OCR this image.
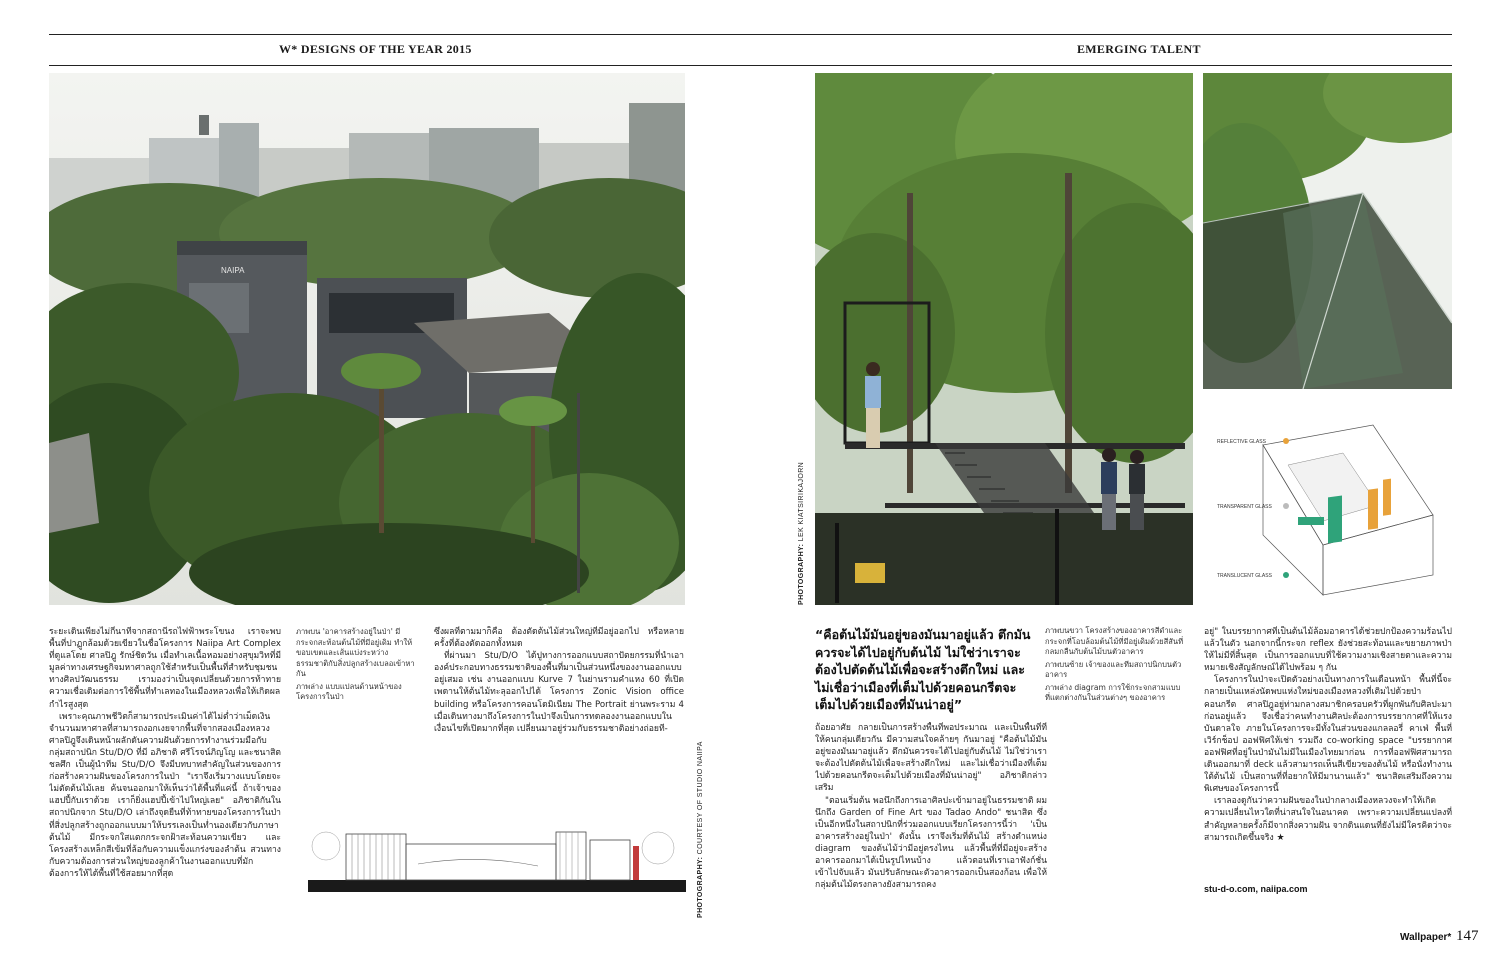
W* DESIGNS OF THE YEAR 2015	EMERGING TALENT
NAIPA

ระยะเดินเพียงไม่กี่นาทีจากสถานีรถไฟฟ้าพระโขนง เราจะพบพื้นที่ปาฏูกล้อมด้วยเขียวในชื่อโครงการ Naiipa Art Complex ที่ดูแลโดย ศาลปิฎู รักษ์ชิดวัน เมื่อทำเลเนื้อหอมอย่างสุขุมวิทที่มีมูลค่าทางเศรษฐกิจมหาศาลถูกใช้สำหรับเป็นพื้นที่สำหรับชุมชนทางศิลปวัฒนธรรม เรามองว่าเป็นจุดเปลี่ยนด้วยการท้าทายความเชื่อเดิมต่อการใช้พื้นที่ทำเลทองในเมืองหลวงเพื่อให้เกิดผลกำไรสูงสุด

เพราะคุณภาพชีวิตก็สามารถประเมินค่าได้ไม่ต่ำว่าเม็ดเงินจำนวนมหาศาลที่สามารถงอกเงยจากพื้นที่จากสองเมืองหลวง ศาลปิฎูจึงเดินหน้าผลักดันความฝันด้วยการทำงานร่วมมือกับกลุ่มสถาปนิก Stu/D/O ที่มี อภิชาติ ศรีโรจน์ภิญโญ และชนาสิต ชลศึก เป็นผู้นำทีม Stu/D/O จึงมีบทบาทสำคัญในส่วนของการก่อสร้างความฝันของโครงการในป่า "เราจึงเริ่มวางแบบโดยจะไม่ตัดต้นไม้เลย ค้นจนออกมาให้เห็นว่าได้พื้นที่แค่นี้ ถ้าเจ้าของแฮปปี้กับเราด้วย เราก็ยิ่งแฮปปี้เข้าไปใหญ่เลย" อภิชาติกันในสถาปนิกจาก Stu/D/O เล่าถึงจุดยืนที่ท้าทายของโครงการในป่าที่สิ่งปลูกสร้างถูกออกแบบมาให้บรรเลงเป็นท่ำนองเดียวกับภาษาต้นไม้ มีกระจกใสแตกกระจกฝ้าสะท้อนความเขียว และโครงสร้างเหล็กสีเข้มที่ล้อกับความแข็งแกร่งของลำต้น สวนทางกับความต้องการส่วนใหญ่ของลูกค้าในงานออกแบบที่มักต้องการให้ได้พื้นที่ใช้สอยมากที่สุด

ภาพบน 'อาคารสร้างอยู่ในป่า' มีกระจกสะท้อนต้นไม้ที่มีอยู่เดิม ทำให้ขอบเขตและเส้นแบ่งระหว่างธรรมชาติกับสิ่งปลูกสร้างเบลอเข้าหากัน

ภาพล่าง แบบแปลนด้านหน้าของโครงการในป่า

ซึ่งผลที่ตามมาก็คือ ต้องตัดต้นไม้ส่วนใหญ่ที่มีอยู่ออกไป หรือหลายครั้งที่ต้องตัดออกทั้งหมด

ที่ผ่านมา Stu/D/O ได้ปูทางการออกแบบสถาปัตยกรรมที่นำเอาองค์ประกอบทางธรรมชาติของพื้นที่มาเป็นส่วนหนึ่งของงานออกแบบอยู่เสมอ เช่น งานออกแบบ Kurve 7 ในย่านรามคำแหง 60 ที่เปิดเพดานให้ต้นไม้ทะลุออกไปได้ โครงการ Zonic Vision office building หรือโครงการคอนโดมิเนียม The Portrait ย่านพระราม 4 เมื่อเดินทางมาถึงโครงการในป่าจึงเป็นการทดลองงานออกแบบในเงื่อนไขที่เปิดมากที่สุด เปลี่ยนมาอยู่ร่วมกับธรรมชาติอย่างถ่อยที-

PHOTOGRAPHY: COURTESY OF STUDIO NAIIPA
PHOTOGRAPHY: LEK KIATSIRIKAJORN
REFLECTIVE GLASS
TRANSPARENT GLASS
TRANSLUCENT GLASS
“คือต้นไม้มันอยู่ของมันมาอยู่แล้ว ตึกมันควรจะได้ไปอยู่กับต้นไม้ ไม่ใช่ว่าเราจะต้องไปตัดต้นไม้เพื่อจะสร้างตึกใหม่ และไม่เชื่อว่าเมืองที่เต็มไปด้วยคอนกรีตจะเต็มไปด้วยเมืองที่มันน่าอยู่”

ภาพบนขวา โครงสร้างของอาคารสีดำและกระจกที่โอบล้อมต้นไม้ที่มีอยู่เดิมด้วยสีสันที่กลมกลืนกับต้นไม้บนตัวอาคาร

ภาพบนซ้าย เจ้าของและทีมสถาปนิกบนตัวอาคาร

ภาพล่าง diagram การใช้กระจกสามแบบที่แตกต่างกันในส่วนต่างๆ ของอาคาร

ถ้อยอาศัย กลายเป็นการสร้างพื้นที่พอประมาณ และเป็นพื้นที่ที่ให้คนกลุ่มเดียวกัน มีความสนใจคล้ายๆ กันมาอยู่ "คือต้นไม้มันอยู่ของมันมาอยู่แล้ว ตึกมันควรจะได้ไปอยู่กับต้นไม้ ไม่ใช่ว่าเราจะต้องไปตัดต้นไม้เพื่อจะสร้างตึกใหม่ และไม่เชื่อว่าเมืองที่เต็มไปด้วยคอนกรีตจะเต็มไปด้วยเมืองที่มันน่าอยู่" อภิชาติกล่าวเสริม

"ตอนเริ่มต้น พอนึกถึงการเอาศิลปะเข้ามาอยู่ในธรรมชาติ ผมนึกถึง Garden of Fine Art ของ Tadao Ando" ชนาสิต ซึ่งเป็นอีกหนึ่งในสถาปนิกที่ร่วมออกแบบเรียกโครงการนี้ว่า 'เป็น อาคารสร้างอยู่ในป่า' ดังนั้น เราจึงเริ่มที่ต้นไม้ สร้างตำแหน่ง diagram ของต้นไม้ว่ามีอยู่ตรงไหน แล้วพื้นที่ที่มีอยู่จะสร้างอาคารออกมาได้เป็นรูปไหนบ้าง แล้วตอนที่เราเอาฟังก์ชั่นเข้าไปจับแล้ว มันปรับลักษณะตัวอาคารออกเป็นสองก้อน เพื่อให้กลุ่มต้นไม้ตรงกลางยังสามารถคง

อยู่" ในบรรยากาศที่เป็นต้นไม้ล้อมอาคารได้ช่วยปกป้องความร้อนไปแล้วในตัว นอกจากนี้กระจก reflex ยังช่วยสะท้อนและขยายภาพป่าให้ไม่มีที่สิ้นสุด เป็นการออกแบบที่ใช้ความงามเชิงสายตาและความหมายเชิงสัญลักษณ์ได้ไปพร้อม ๆ กัน

โครงการในป่าจะเปิดตัวอย่างเป็นทางการในเดือนหน้า พื้นที่นี้จะกลายเป็นแหล่งนัดพบแห่งใหม่ของเมืองหลวงที่เติมไปด้วยป่าคอนกรีต ศาลปิฎูอยู่ท่ามกลางสมาชิกครอบครัวที่ผูกพันกับศิลปะมาก่อนอยู่แล้ว จึงเชื่อว่าคนทำงานศิลปะต้องการบรรยากาศที่ให้แรงบันดาลใจ ภายในโครงการจะมีทั้งในส่วนของแกลลอรี่ คาเฟ่ พื้นที่เวิร์กช็อป ออฟฟิศให้เช่า รวมถึง co-working space "บรรยากาศออฟฟิศที่อยู่ในป่ามันไม่มีในเมืองไทยมาก่อน การที่ออฟฟิศสามารถเดินออกมาที่ deck แล้วสามารถเห็นสีเขียวของต้นไม้ หรือนั่งทำงานใต้ต้นไม้ เป็นสถานที่ที่อยากให้มีมานานแล้ว" ชนาสิตเสริมถึงความพิเศษของโครงการนี้

เราลองดูกันว่าความฝันของในป่ากลางเมืองหลวงจะทำให้เกิดความเปลี่ยนไหวใดที่น่าสนใจในอนาคต เพราะความเปลี่ยนแปลงที่สำคัญหลายครั้งก็มีจากสิ่งความฝัน จากดินแดนที่ยังไม่มีใครคิดว่าจะสามารถเกิดขึ้นจริง ★

stu-d-o.com, naiipa.com
Wallpaper* 147
